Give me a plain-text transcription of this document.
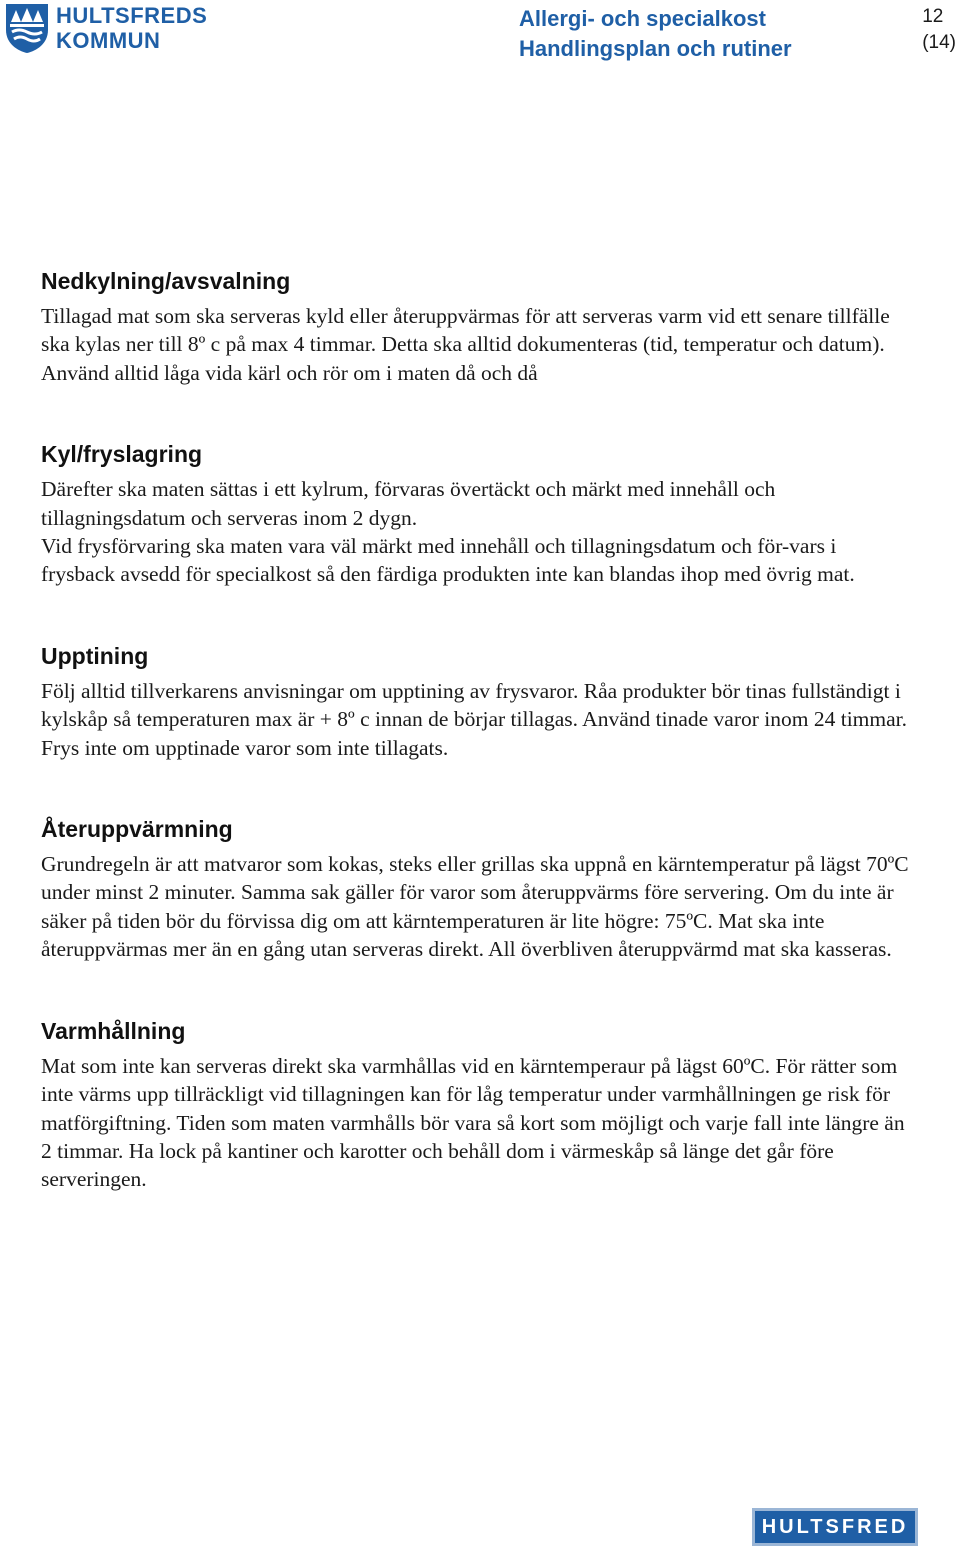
HULTSFREDS
KOMMUN
Allergi- och specialkost
Handlingsplan och rutiner
12
(14)
Nedkylning/avsvalning

Tillagad mat som ska serveras kyld eller återuppvärmas för att serveras varm vid ett senare tillfälle ska kylas ner till 8º c på max 4 timmar. Detta ska alltid dokumenteras (tid, temperatur och datum). Använd alltid låga vida kärl och rör om i maten då och då

Kyl/fryslagring

Därefter ska maten sättas i ett kylrum, förvaras övertäckt och märkt med innehåll och tillagningsdatum och serveras inom 2 dygn.

Vid frysförvaring ska maten vara väl märkt med innehåll och tillagningsdatum och för-vars i frysback avsedd för specialkost så den färdiga produkten inte kan blandas ihop med övrig mat.

Upptining

Följ alltid tillverkarens anvisningar om upptining av frysvaror. Råa produkter bör tinas fullständigt i kylskåp så temperaturen max är + 8º c innan de börjar tillagas. Använd tinade varor inom 24 timmar. Frys inte om upptinade varor som inte tillagats.

Återuppvärmning

Grundregeln är att matvaror som kokas, steks eller grillas ska uppnå en kärntemperatur på lägst 70ºC under minst 2 minuter. Samma sak gäller för varor som återuppvärms före servering. Om du inte är säker på tiden bör du förvissa dig om att kärntemperaturen är lite högre: 75ºC. Mat ska inte återuppvärmas mer än en gång utan serveras direkt. All överbliven återuppvärmd mat ska kasseras.

Varmhållning

Mat som inte kan serveras direkt ska varmhållas vid en kärntemperaur på lägst 60ºC. För rätter som inte värms upp tillräckligt vid tillagningen kan för låg temperatur under varmhållningen ge risk för matförgiftning. Tiden som maten varmhålls bör vara så kort som möjligt och varje fall inte längre än 2 timmar. Ha lock på kantiner och karotter och behåll dom i värmeskåp så länge det går före serveringen.

HULTSFRED
